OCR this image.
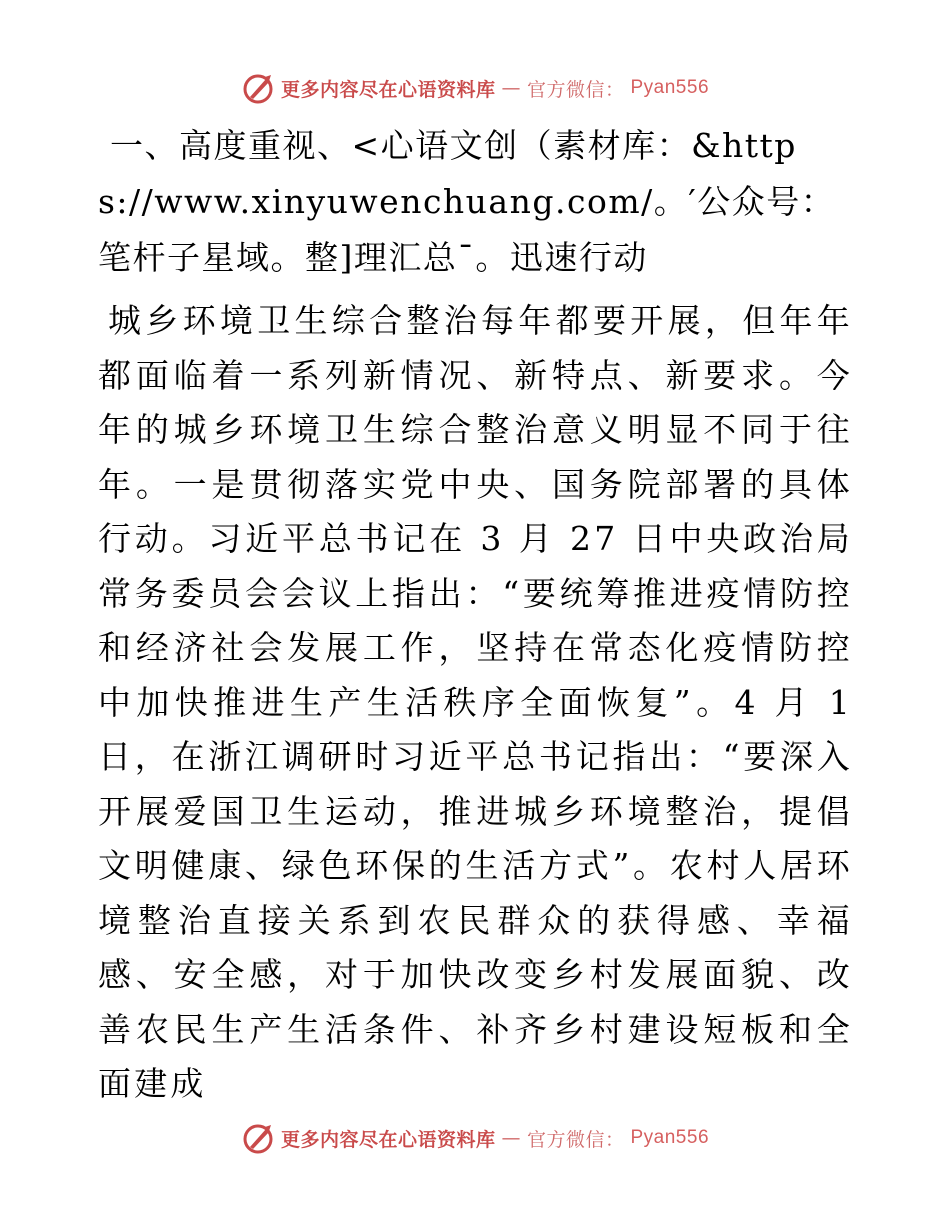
更多内容尽在心语资料库 — 官方微信： Pyan556
一、高度重视、<心语文创（素材库：&https://www.xinyuwenchuang.com/。′公众号：笔杆子星域。整]理汇总¯。迅速行动

城乡环境卫生综合整治每年都要开展，但年年都面临着一系列新情况、新特点、新要求。今年的城乡环境卫生综合整治意义明显不同于往年。一是贯彻落实党中央、国务院部署的具体行动。习近平总书记在 3 月 27 日中央政治局常务委员会会议上指出：“要统筹推进疫情防控和经济社会发展工作，坚持在常态化疫情防控中加快推进生产生活秩序全面恢复”。4 月 1 日，在浙江调研时习近平总书记指出：“要深入开展爱国卫生运动，推进城乡环境整治，提倡文明健康、绿色环保的生活方式”。农村人居环境整治直接关系到农民群众的获得感、幸福感、安全感，对于加快改变乡村发展面貌、改善农民生产生活条件、补齐乡村建设短板和全面建成

更多内容尽在心语资料库 — 官方微信： Pyan556
